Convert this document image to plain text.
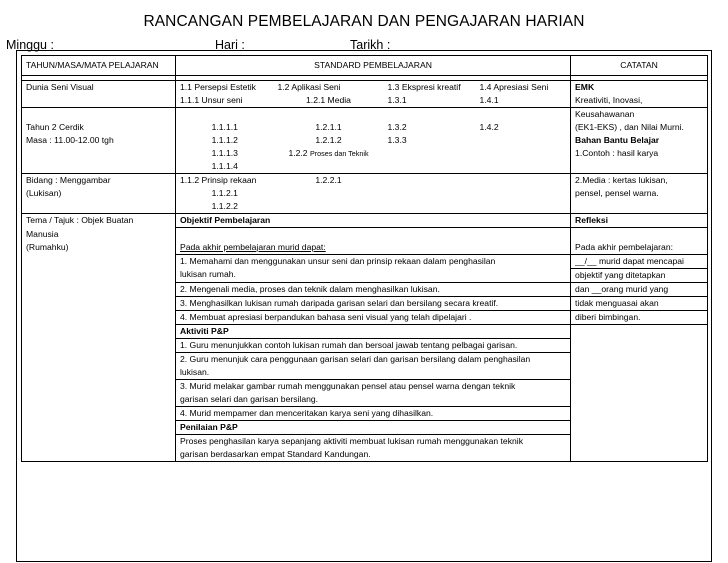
RANCANGAN PEMBELAJARAN DAN PENGAJARAN HARIAN
Minggu :	Hari :	Tarikh :
TAHUN/MASA/MATA PELAJARAN	STANDARD PEMBELAJARAN				CATATAN

Dunia Seni Visual	1.1 Persepsi Estetik	1.2 Aplikasi Seni	1.3 Ekspresi kreatif	1.4 Apresiasi Seni	EMK
	1.1.1 Unsur seni	1.2.1 Media	1.3.1	1.4.1	Kreativiti, Inovasi,
					Keusahawanan
Tahun 2 Cerdik	1.1.1.1	1.2.1.1	1.3.2	1.4.2	(EK1-EKS) , dan Nilai Murni.
Masa : 11.00-12.00 tgh	1.1.1.2	1.2.1.2	1.3.3		Bahan Bantu Belajar
	1.1.1.3	1.2.2 Proses dan Teknik			1.Contoh : hasil karya
	1.1.1.4				
Bidang : Menggambar	1.1.2 Prinsip rekaan	1.2.2.1			2.Media : kertas lukisan,
(Lukisan)	1.1.2.1				pensel, pensel warna.
	1.1.2.2				
Tema / Tajuk : Objek Buatan	Objektif Pembelajaran				Refleksi
Manusia					
(Rumahku)	Pada akhir pembelajaran murid dapat:				Pada akhir pembelajaran:
	1. Memahami dan menggunakan unsur seni dan prinsip rekaan dalam penghasilan				__/__ murid dapat mencapai
	lukisan rumah.				objektif yang ditetapkan
	2. Mengenali media, proses dan teknik dalam menghasilkan lukisan.				dan __orang murid yang
	3. Menghasilkan lukisan rumah daripada garisan selari dan bersilang secara kreatif.				tidak menguasai akan
	4. Membuat apresiasi berpandukan bahasa seni visual yang telah dipelajari .				diberi bimbingan.
	Aktiviti P&P				
	1. Guru menunjukkan contoh lukisan rumah dan bersoal jawab tentang pelbagai garisan.				
	2. Guru menunjuk cara penggunaan garisan selari dan garisan bersilang dalam penghasilan				
	lukisan.				
	3. Murid melakar gambar rumah menggunakan pensel atau pensel warna dengan teknik				
	garisan selari dan garisan bersilang.				
	4. Murid mempamer dan menceritakan karya seni yang dihasilkan.				
	Penilaian P&P				
	Proses penghasilan karya sepanjang aktiviti membuat lukisan rumah menggunakan teknik				
	garisan berdasarkan empat Standard Kandungan.				
